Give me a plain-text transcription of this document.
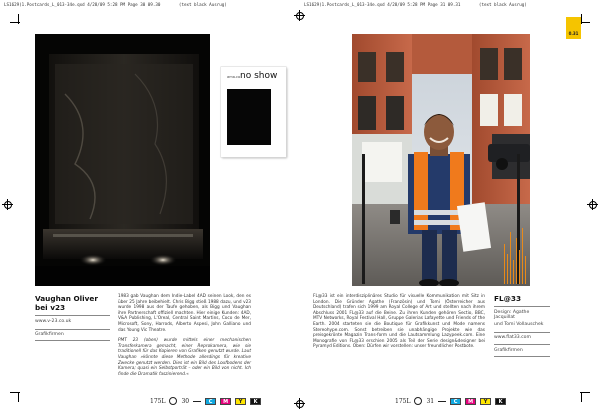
LS1629(1.Postcards_L_013-34e.qxd 4/28/09 5:28 PM Page 30 09.30	(text black Ausrug)	LS1629(1.Postcards_L_013-34e.qxd 4/28/09 5:28 PM Page 31 09.31	(text black Ausrug)
0.31
ama.co no show
Vaughan Oliver bei v23
www.v-23.co.uk
Grafikfirmen
1983 gab Vaughan dem Indie-Label 4AD seinen Look, den es über 25 Jahre beibehielt. Chris Bigg stieß 1988 dazu, und v23 wurde 1998 aus der Taufe gehoben, als Bigg und Vaughan ihre Partnerschaft offiziell machten. Hier einige Kunden: 4AD, V&A Publishing, L'Oreal, Central Saint Martins, Coco de Mer, Microsoft, Sony, Harrods, Alberto Aspesi, John Galliano und das Young Vic Theatre.
PMT 23 (oben) wurde mittels einer mechanischen Transferkamera gemacht, einer Reprokamera, wie sie traditionell für das Kopieren von Grafiken genutzt wurde. Laut Vaughan »könnte diese Methode allerdings für kreative Zwecke genutzt werden. Dies ist ein Bild des Loufbodens der Kamera; quasi ein Selbstporträt – oder ein Bild von nicht. Ich finde die Dramatik faszinierend.«
FL@33 ist ein interdisziplinäres Studio für visuelle Kommunikation mit Sitz in London. Die Gründer Agathe (Französin) und Tomi (Österreicher aus Deutschland) trafen sich 1999 am Royal College of Art und stellten nach ihrem Abschluss 2001 FL@33 auf die Beine. Zu ihren Kunden gehören Sectio, BBC, MTV Networks, Royal Festival Hall, Gruppe Galerias Lafayette und Friends of the Earth. 2004 starteten sie die Boutique für Grafikkunst und Mode namens Stereohype.com. Sonst betreiben sie unabhängige Projekte wie das preisgekrönte Magazin Trans-form und die Lautsammlung Lazypeek.com. Eine Monografie von FL@33 erschien 2005 als Teil der Serie design&designer bei Pyramyd Editions. Oben: Dürfen wir vorstellen: unser freundlicher Postbote.
FL@33
Design: Agathe Jacquillat
und Tomi Vollauschek
www.flat33.com
Grafikfirmen
175L	30	C	M	Y	K	175L	31	C	M	Y	K
